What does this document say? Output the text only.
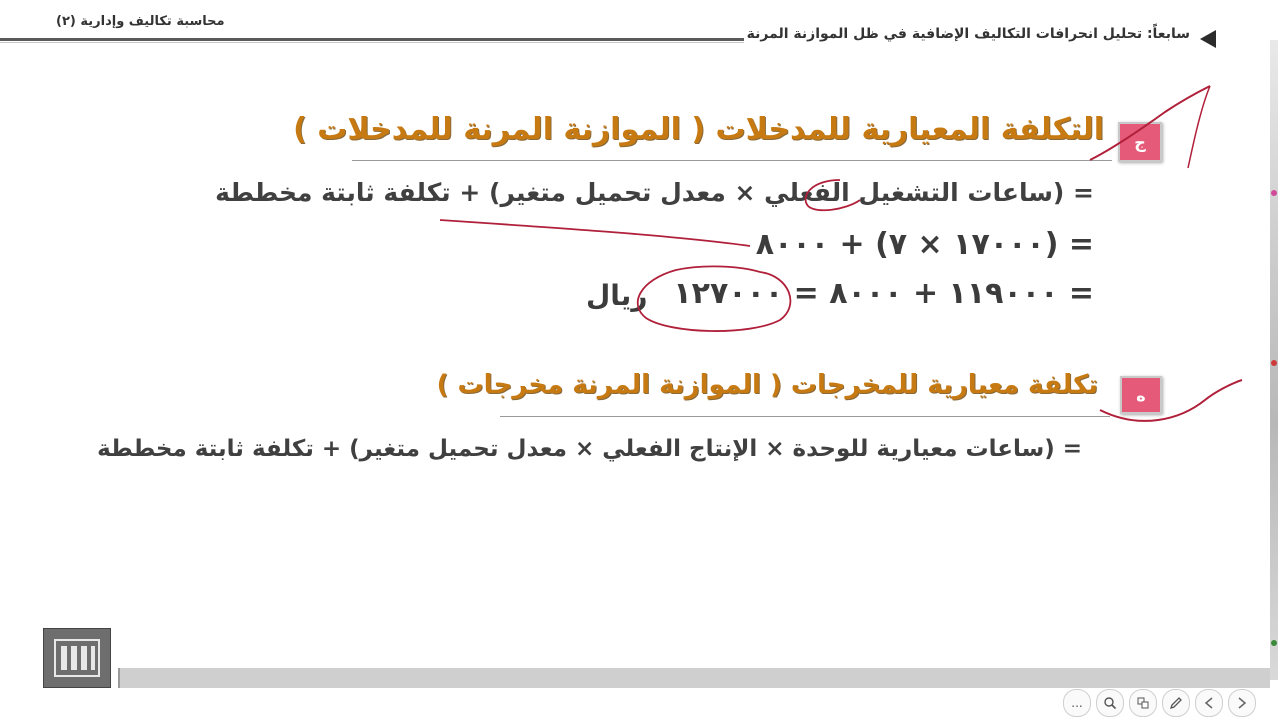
محاسبة تكاليف وإدارية (٢)
سابعاً: تحليل انحرافات التكاليف الإضافية في ظل الموازنة المرنة
ج
التكلفة المعيارية للمدخلات ( الموازنة المرنة للمدخلات )
= (ساعات التشغيل الفعلي × معدل تحميل متغير) + تكلفة ثابتة مخططة
= (١٧٠٠٠ × ٧) + ٨٠٠٠
= ١١٩٠٠٠ + ٨٠٠٠ = ١٢٧٠٠٠
ريال
ه
تكلفة معيارية للمخرجات ( الموازنة المرنة مخرجات )
= (ساعات معيارية للوحدة × الإنتاج الفعلي × معدل تحميل متغير) + تكلفة ثابتة مخططة
...
